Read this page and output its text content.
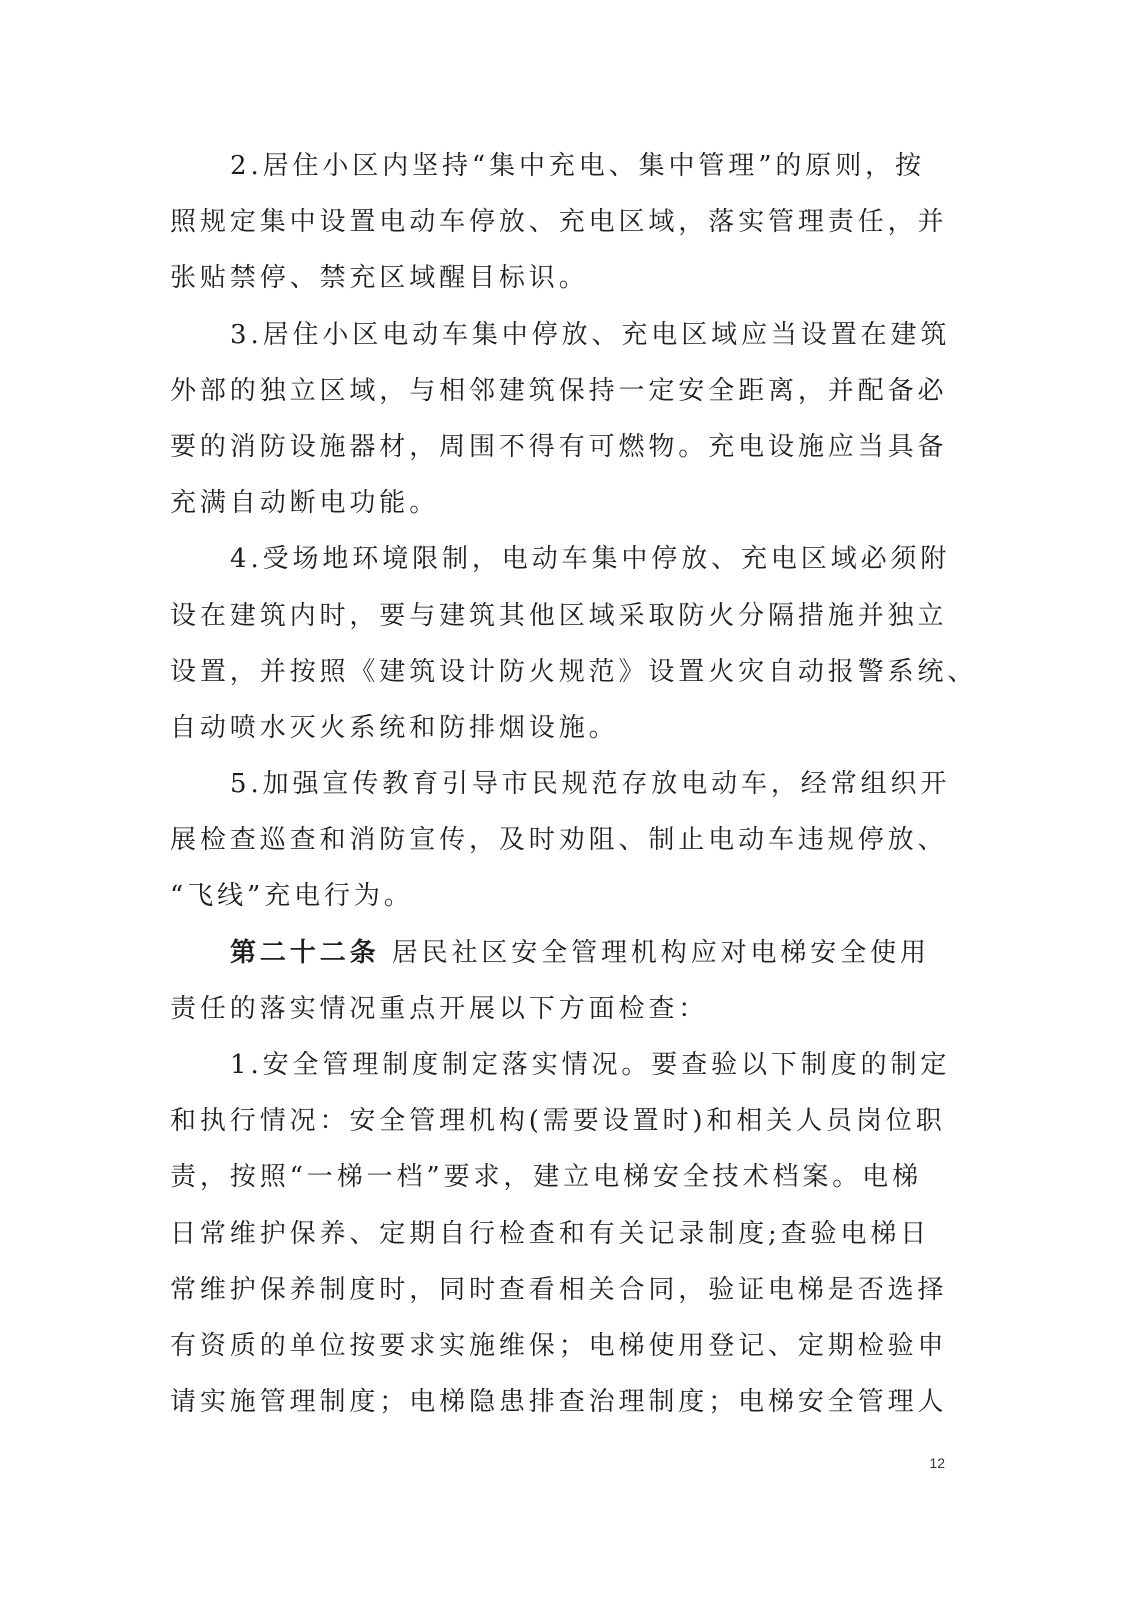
2.居住小区内坚持“集中充电、集中管理”的原则，按
照规定集中设置电动车停放、充电区域，落实管理责任，并
张贴禁停、禁充区域醒目标识。
3.居住小区电动车集中停放、充电区域应当设置在建筑
外部的独立区域，与相邻建筑保持一定安全距离，并配备必
要的消防设施器材，周围不得有可燃物。充电设施应当具备
充满自动断电功能。
4.受场地环境限制，电动车集中停放、充电区域必须附
设在建筑内时，要与建筑其他区域采取防火分隔措施并独立
设置，并按照《建筑设计防火规范》设置火灾自动报警系统、
自动喷水灭火系统和防排烟设施。
5.加强宣传教育引导市民规范存放电动车，经常组织开
展检查巡查和消防宣传，及时劝阻、制止电动车违规停放、
“飞线”充电行为。
第二十二条 居民社区安全管理机构应对电梯安全使用
责任的落实情况重点开展以下方面检查：
1.安全管理制度制定落实情况。要查验以下制度的制定
和执行情况：安全管理机构(需要设置时)和相关人员岗位职
责，按照“一梯一档”要求，建立电梯安全技术档案。电梯
日常维护保养、定期自行检查和有关记录制度;查验电梯日
常维护保养制度时，同时查看相关合同，验证电梯是否选择
有资质的单位按要求实施维保；电梯使用登记、定期检验申
请实施管理制度；电梯隐患排查治理制度；电梯安全管理人
12
